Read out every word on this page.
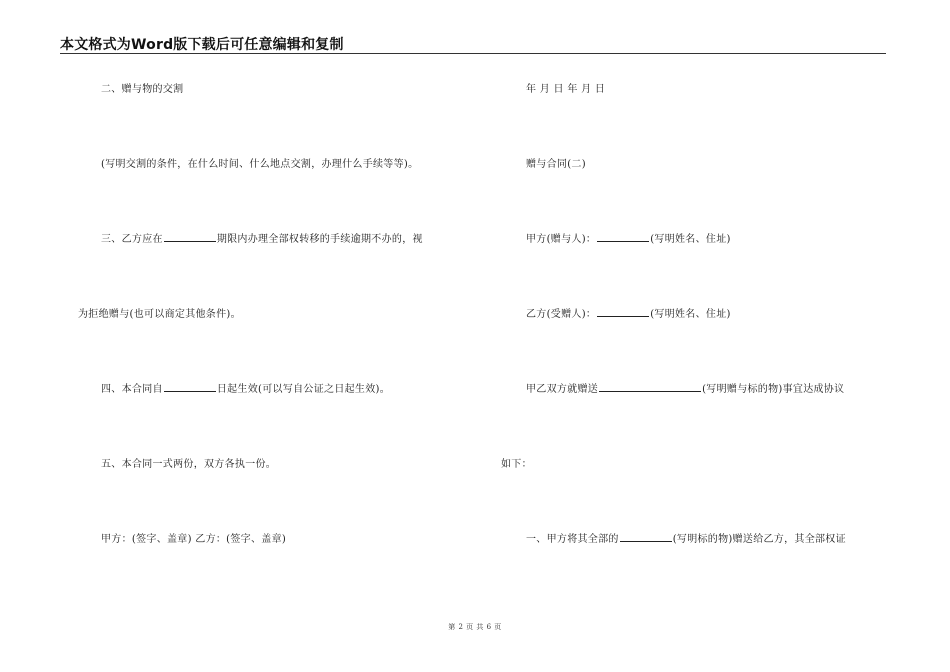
本文格式为Word版下载后可任意编辑和复制
二、赠与物的交割
(写明交割的条件，在什么时间、什么地点交割，办理什么手续等等)。
三、乙方应在	期限内办理全部权转移的手续逾期不办的，视
为拒绝赠与(也可以商定其他条件)。
四、本合同自	日起生效(可以写自公证之日起生效)。
五、本合同一式两份，双方各执一份。
甲方：(签字、盖章) 乙方：(签字、盖章)
年 月 日 年 月 日
赠与合同(二)
甲方(赠与人)：	(写明姓名、住址)
乙方(受赠人)：	(写明姓名、住址)
甲乙双方就赠送	(写明赠与标的物)事宜达成协议
如下：
一、甲方将其全部的	(写明标的物)赠送给乙方，其全部权证
第 2 页 共 6 页
